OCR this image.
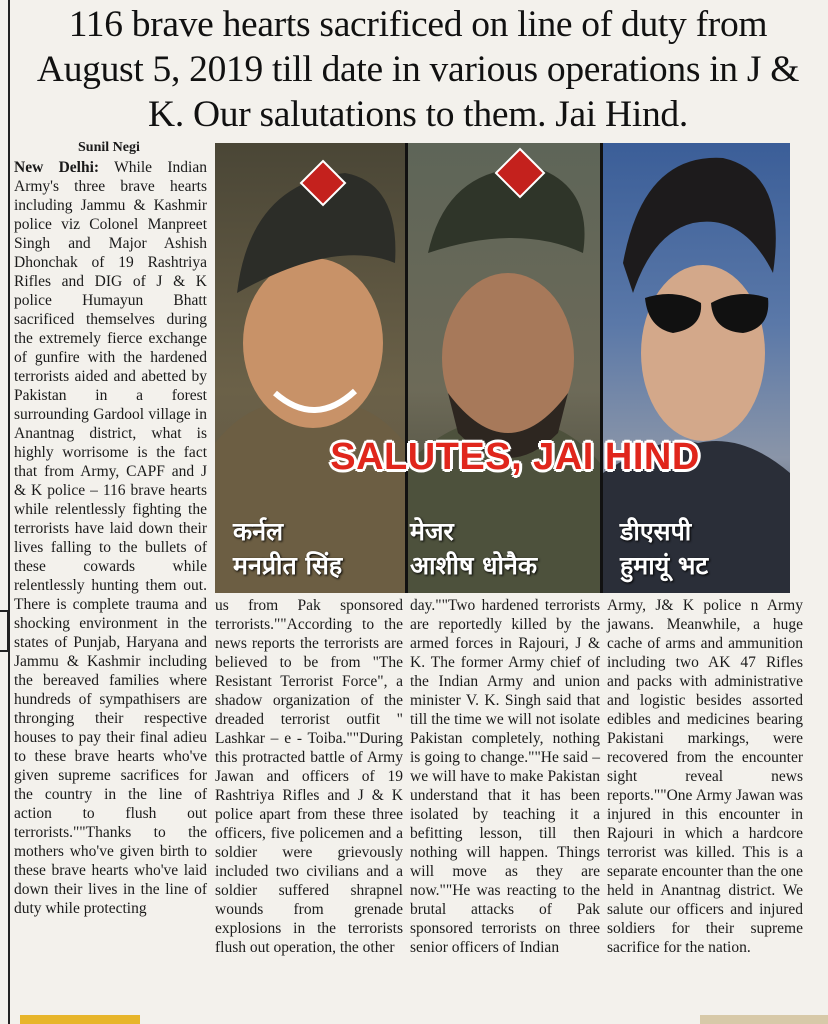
116 brave hearts sacrificed on line of duty from August 5, 2019 till date in various operations in J & K. Our salutations to them. Jai Hind.
Sunil Negi
New Delhi: While Indian Army's three brave hearts including Jammu & Kashmir police viz Colonel Manpreet Singh and Major Ashish Dhonchak of 19 Rashtriya Rifles and DIG of J & K police Humayun Bhatt sacrificed themselves during the extremely fierce exchange of gunfire with the hardened terrorists aided and abetted by Pakistan in a forest surrounding Gardool village in Anantnag district, what is highly worrisome is the fact that from Army, CAPF and J & K police – 116 brave hearts while relentlessly fighting the terrorists have laid down their lives falling to the bullets of these cowards while relentlessly hunting them out. There is complete trauma and shocking environment in the states of Punjab, Haryana and Jammu & Kashmir including the bereaved families where hundreds of sympathisers are thronging their respective houses to pay their final adieu to these brave hearts who've given supreme sacrifices for the country in the line of action to flush out terrorists.""Thanks to the mothers who've given birth to these brave hearts who've laid down their lives in the line of duty while protecting
SALUTES, JAI HIND
कर्नल
मनप्रीत सिंह
मेजर
आशीष धोनैक
डीएसपी
हुमायूं भट
us from Pak sponsored terrorists.""According to the news reports the terrorists are believed to be from "The Resistant Terrorist Force", a shadow organization of the dreaded terrorist outfit " Lashkar – e - Toiba.""During this protracted battle of Army Jawan and officers of 19 Rashtriya Rifles and J & K police apart from these three officers, five policemen and a soldier were grievously included two civilians and a soldier suffered shrapnel wounds from grenade explosions in the terrorists flush out operation, the other
day.""Two hardened terrorists are reportedly killed by the armed forces in Rajouri, J & K. The former Army chief of the Indian Army and union minister V. K. Singh said that till the time we will not isolate Pakistan completely, nothing is going to change.""He said – we will have to make Pakistan understand that it has been isolated by teaching it a befitting lesson, till then nothing will happen. Things will move as they are now.""He was reacting to the brutal attacks of Pak sponsored terrorists on three senior officers of Indian
Army, J& K police n Army jawans. Meanwhile, a huge cache of arms and ammunition including two AK 47 Rifles and packs with administrative and logistic besides assorted edibles and medicines bearing Pakistani markings, were recovered from the encounter sight reveal news reports.""One Army Jawan was injured in this encounter in Rajouri in which a hardcore terrorist was killed. This is a separate encounter than the one held in Anantnag district. We salute our officers and injured soldiers for their supreme sacrifice for the nation.
